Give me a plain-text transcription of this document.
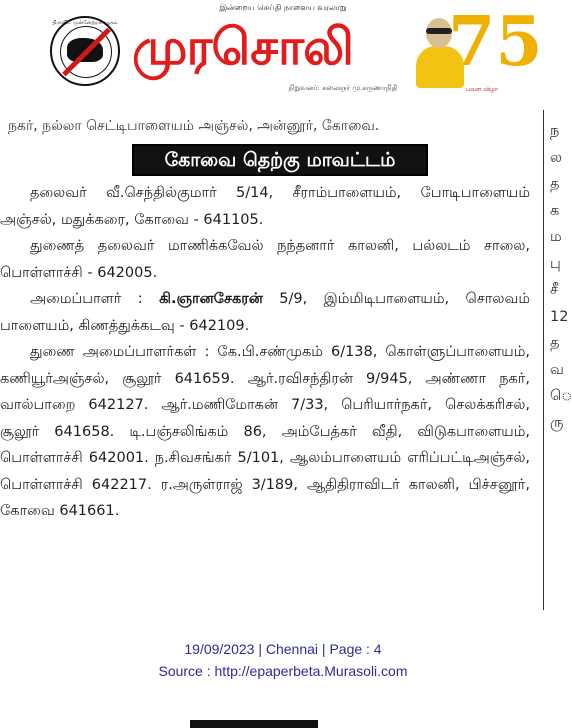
இன்றைய செய்தி நாளைய வரலாறு
திராவிட முன்னேற்றக் கழகம் முரசொலி
நிறுவனர்: கலைஞர் மு.கருணாநிதி
75
பவள விழா
நகர், நல்லா செட்டிபாளையம் அஞ்சல், அன்னூர், கோவை.
கோவை தெற்கு மாவட்டம்

தலைவர் வீ.செந்தில்குமார் 5/14, சீராம்பாளையம், போடிபாளையம் அஞ்சல், மதுக்கரை, கோவை - 641105.

துணைத் தலைவர் மாணிக்கவேல் நந்தனார் காலனி, பல்லடம் சாலை, பொள்ளாச்சி - 642005.

அமைப்பாளர் : கி.ஞானசேகரன் 5/9, இம்மிடிபாளையம், சொலவம் பாளையம், கிணத்துக்கடவு - 642109.

துணை அமைப்பாளர்கள் : கே.பி.சண்முகம் 6/138, கொள்ளுப்பாளையம், கணியூர்அஞ்சல், சூலூர் 641659. ஆர்.ரவிசந்திரன் 9/945, அண்ணா நகர், வால்பாறை 642127. ஆர்.மணிமோகன் 7/33, பெரியார்நகர், செலக்கரிசல், சூலூர் 641658. டி.பஞ்சலிங்கம் 86, அம்பேத்கர் வீதி, விடுகபாளையம், பொள்ளாச்சி 642001. ந.சிவசங்கர் 5/101, ஆலம்பாளையம் எரிப்பட்டிஅஞ்சல், பொள்ளாச்சி 642217. ர.அருள்ராஜ் 3/189, ஆதிதிராவிடர் காலனி, பிச்சனூர், கோவை 641661.

ந ல த க ம பு சீ 12 த வ ெ ரு
19/09/2023 | Chennai | Page : 4
Source : http://epaperbeta.Murasoli.com
